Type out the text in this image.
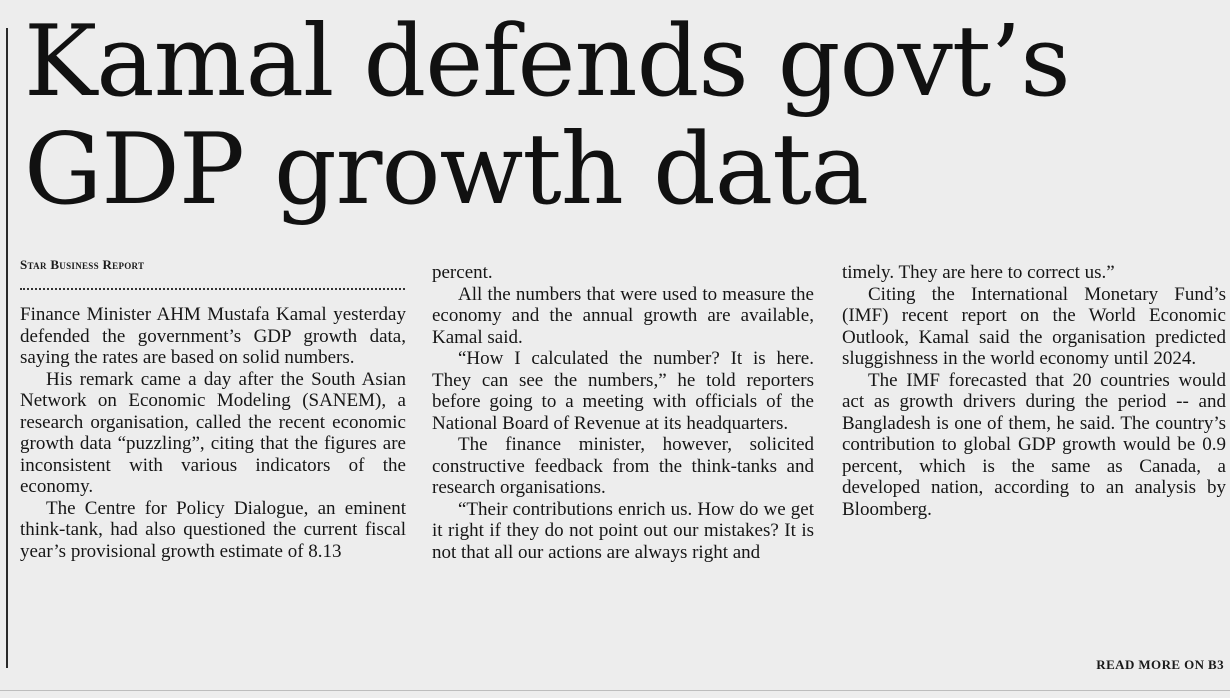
Kamal defends govt’s
GDP growth data
Star Business Report

Finance Minister AHM Mustafa Kamal yesterday defended the government’s GDP growth data, saying the rates are based on solid numbers.

His remark came a day after the South Asian Network on Economic Modeling (SANEM), a research organisation, called the recent economic growth data “puzzling”, citing that the figures are inconsistent with various indicators of the economy.

The Centre for Policy Dialogue, an eminent think-tank, had also questioned the current fiscal year’s provisional growth estimate of 8.13

percent.

All the numbers that were used to measure the economy and the annual growth are available, Kamal said.

“How I calculated the number? It is here. They can see the numbers,” he told reporters before going to a meeting with officials of the National Board of Revenue at its headquarters.

The finance minister, however, solicited constructive feedback from the think-tanks and research organisations.

“Their contributions enrich us. How do we get it right if they do not point out our mistakes? It is not that all our actions are always right and

timely. They are here to correct us.”

Citing the International Monetary Fund’s (IMF) recent report on the World Economic Outlook, Kamal said the organisation predicted sluggishness in the world economy until 2024.

The IMF forecasted that 20 countries would act as growth drivers during the period -- and Bangladesh is one of them, he said. The country’s contribution to global GDP growth would be 0.9 percent, which is the same as Canada, a developed nation, according to an analysis by Bloomberg.

READ MORE ON B3
